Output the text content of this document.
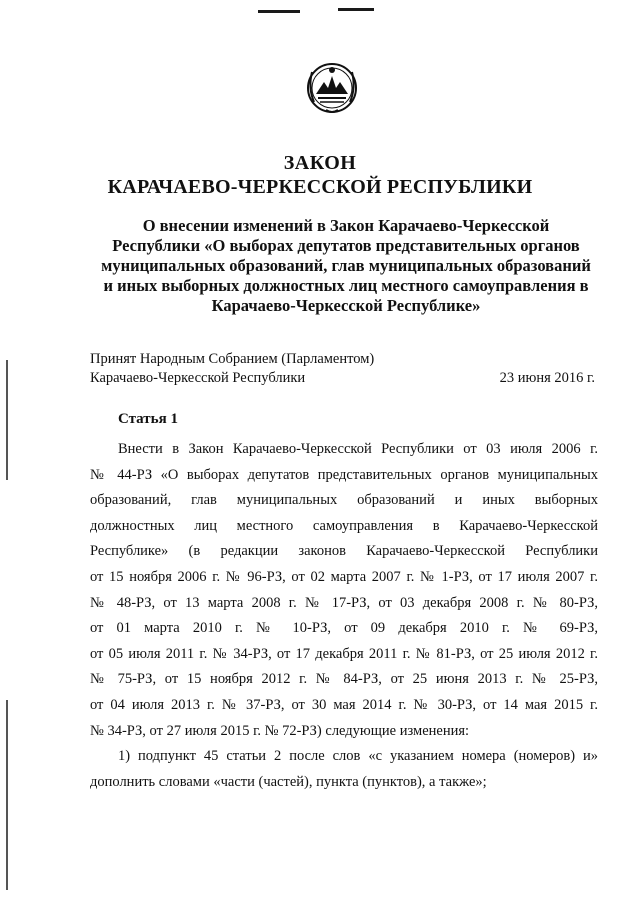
ЗАКОН
КАРАЧАЕВО-ЧЕРКЕССКОЙ РЕСПУБЛИКИ
О внесении изменений в Закон Карачаево-Черкесской Республики «О выборах депутатов представительных органов муниципальных образований, глав муниципальных образований и иных выборных должностных лиц местного самоуправления в Карачаево-Черкесской Республике»
Принят Народным Собранием (Парламентом)
Карачаево-Черкесской Республики	23 июня 2016 г.
Статья 1
Внести в Закон Карачаево-Черкесской Республики от 03 июля 2006 г.
№ 44-РЗ «О выборах депутатов представительных органов муниципальных
образований, глав муниципальных образований и иных выборных
должностных лиц местного самоуправления в Карачаево-Черкесской
Республике» (в редакции законов Карачаево-Черкесской Республики
от 15 ноября 2006 г. № 96-РЗ, от 02 марта 2007 г. № 1-РЗ, от 17 июля 2007 г.
№ 48-РЗ, от 13 марта 2008 г. № 17-РЗ, от 03 декабря 2008 г. № 80-РЗ,
от 01 марта 2010 г. № 10-РЗ, от 09 декабря 2010 г. № 69-РЗ,
от 05 июля 2011 г. № 34-РЗ, от 17 декабря 2011 г. № 81-РЗ, от 25 июля 2012 г.
№ 75-РЗ, от 15 ноября 2012 г. № 84-РЗ, от 25 июня 2013 г. № 25-РЗ,
от 04 июля 2013 г. № 37-РЗ, от 30 мая 2014 г. № 30-РЗ, от 14 мая 2015 г.
№ 34-РЗ, от 27 июля 2015 г. № 72-РЗ) следующие изменения:
1) подпункт 45 статьи 2 после слов «с указанием номера (номеров) и»
дополнить словами «части (частей), пункта (пунктов), а также»;
